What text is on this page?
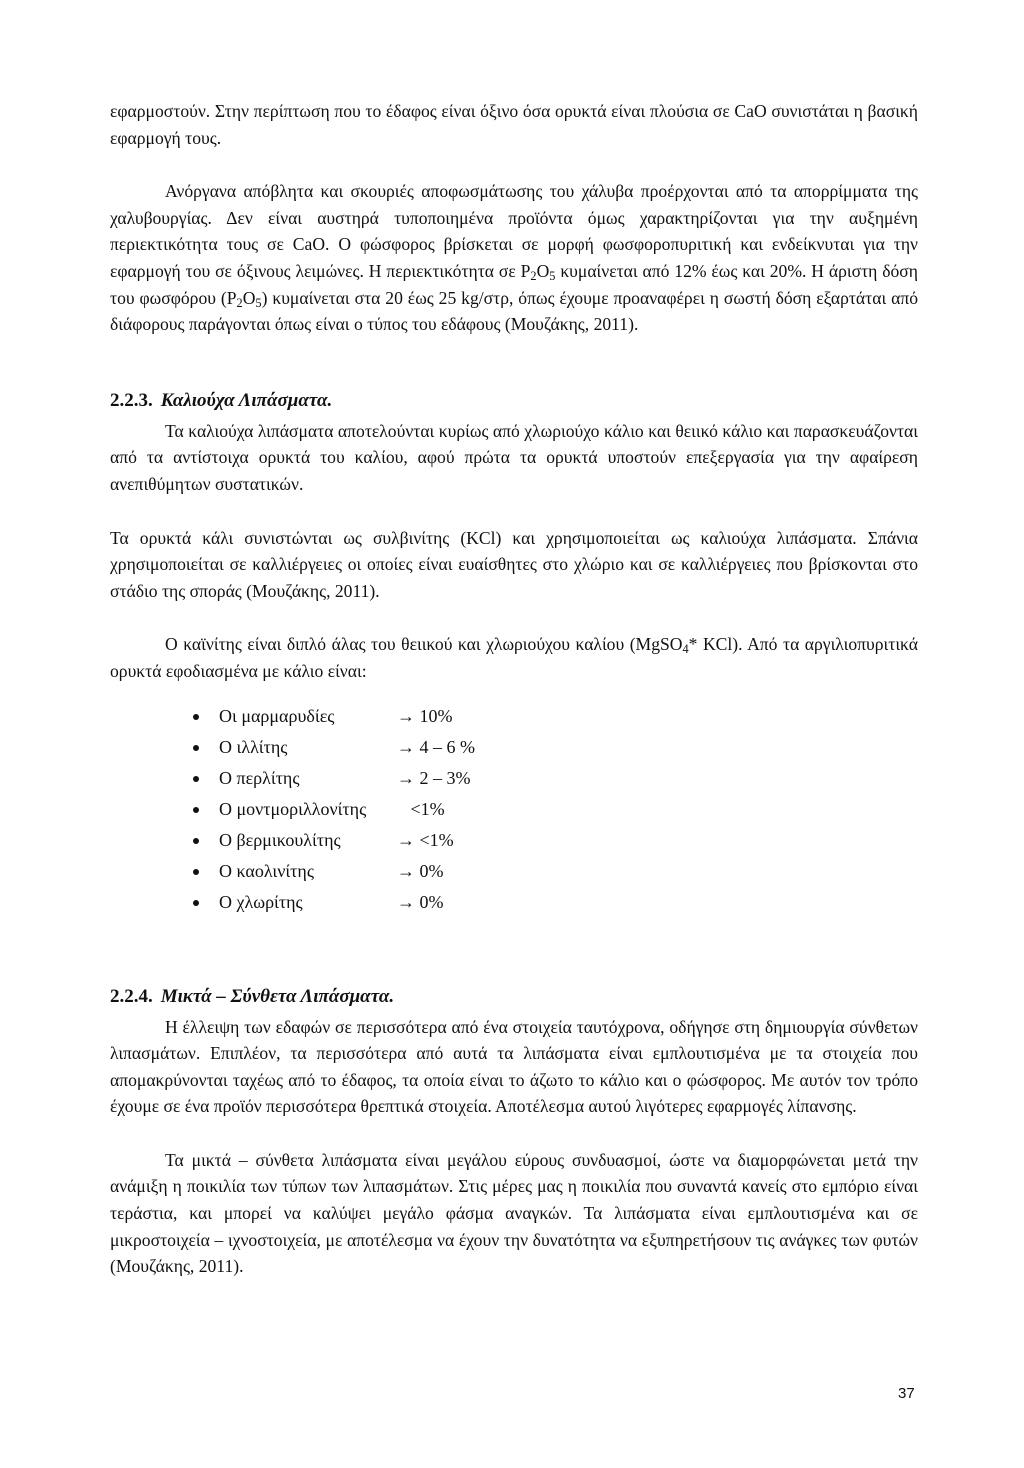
εφαρμοστούν. Στην περίπτωση που το έδαφος είναι όξινο όσα ορυκτά είναι πλούσια σε CaO συνιστάται η βασική εφαρμογή τους.

Ανόργανα απόβλητα και σκουριές αποφωσμάτωσης του χάλυβα προέρχονται από τα απορρίμματα της χαλυβουργίας. Δεν είναι αυστηρά τυποποιημένα προϊόντα όμως χαρακτηρίζονται για την αυξημένη περιεκτικότητα τους σε CaO. Ο φώσφορος βρίσκεται σε μορφή φωσφοροπυριτική και ενδείκνυται για την εφαρμογή του σε όξινους λειμώνες. Η περιεκτικότητα σε $P_2O_5$ κυμαίνεται από 12% έως και 20%. Η άριστη δόση του φωσφόρου $(P_2O_5)$ κυμαίνεται στα 20 έως 25 kg/στρ, όπως έχουμε προαναφέρει η σωστή δόση εξαρτάται από διάφορους παράγονται όπως είναι ο τύπος του εδάφους (Μουζάκης, 2011).

2.2.3. Καλιούχα Λιπάσματα.

Τα καλιούχα λιπάσματα αποτελούνται κυρίως από χλωριούχο κάλιο και θειικό κάλιο και παρασκευάζονται από τα αντίστοιχα ορυκτά του καλίου, αφού πρώτα τα ορυκτά υποστούν επεξεργασία για την αφαίρεση ανεπιθύμητων συστατικών.

Τα ορυκτά κάλι συνιστώνται ως συλβινίτης (KCl) και χρησιμοποιείται ως καλιούχα λιπάσματα. Σπάνια χρησιμοποιείται σε καλλιέργειες οι οποίες είναι ευαίσθητες στο χλώριο και σε καλλιέργειες που βρίσκονται στο στάδιο της σποράς (Μουζάκης, 2011).

Ο καϊνίτης είναι διπλό άλας του θειικού και χλωριούχου καλίου (MgSO$_4$* KCl). Από τα αργιλιοπυριτικά ορυκτά εφοδιασμένα με κάλιο είναι:

Οι μαρμαρυδίες	→ 10%
Ο ιλλίτης	→ 4 – 6 %
Ο περλίτης	→ 2 – 3%
Ο μοντμοριλλονίτης <1%
Ο βερμικουλίτης	→ <1%
Ο καολινίτης	→ 0%
Ο χλωρίτης	→ 0%
2.2.4. Μικτά – Σύνθετα Λιπάσματα.

Η έλλειψη των εδαφών σε περισσότερα από ένα στοιχεία ταυτόχρονα, οδήγησε στη δημιουργία σύνθετων λιπασμάτων. Επιπλέον, τα περισσότερα από αυτά τα λιπάσματα είναι εμπλουτισμένα με τα στοιχεία που απομακρύνονται ταχέως από το έδαφος, τα οποία είναι το άζωτο το κάλιο και ο φώσφορος. Με αυτόν τον τρόπο έχουμε σε ένα προϊόν περισσότερα θρεπτικά στοιχεία. Αποτέλεσμα αυτού λιγότερες εφαρμογές λίπανσης.

Τα μικτά – σύνθετα λιπάσματα είναι μεγάλου εύρους συνδυασμοί, ώστε να διαμορφώνεται μετά την ανάμιξη η ποικιλία των τύπων των λιπασμάτων. Στις μέρες μας η ποικιλία που συναντά κανείς στο εμπόριο είναι τεράστια, και μπορεί να καλύψει μεγάλο φάσμα αναγκών. Τα λιπάσματα είναι εμπλουτισμένα και σε μικροστοιχεία – ιχνοστοιχεία, με αποτέλεσμα να έχουν την δυνατότητα να εξυπηρετήσουν τις ανάγκες των φυτών (Μουζάκης, 2011).

37
